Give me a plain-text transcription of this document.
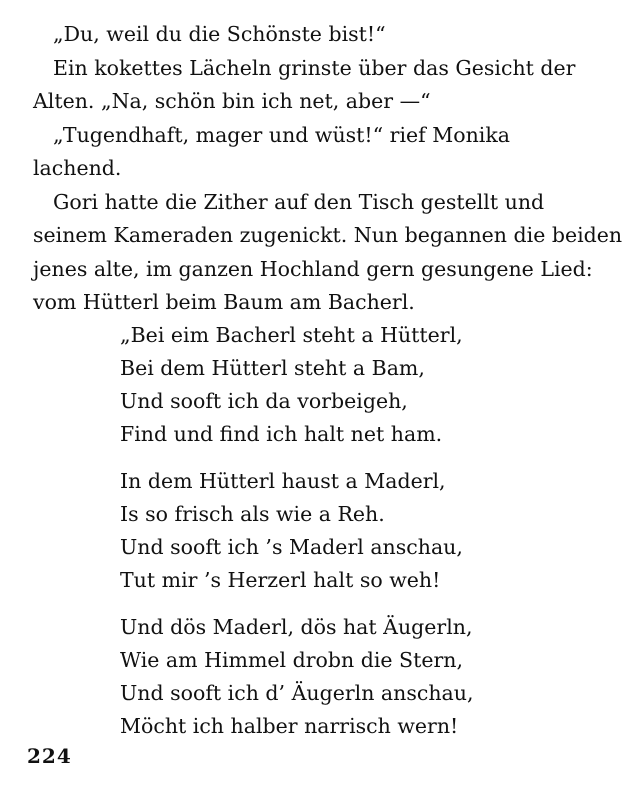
„Du, weil du die Schönste bist!“
Ein kokettes Lächeln grinste über das Gesicht der
Alten. „Na, schön bin ich net, aber —“
„Tugendhaft, mager und wüst!“ rief Monika
lachend.
Gori hatte die Zither auf den Tisch gestellt und
seinem Kameraden zugenickt. Nun begannen die beiden
jenes alte, im ganzen Hochland gern gesungene Lied:
vom Hütterl beim Baum am Bacherl.
„Bei eim Bacherl steht a Hütterl,
Bei dem Hütterl steht a Bam,
Und sooft ich da vorbeigeh,
Find und find ich halt net ham.
In dem Hütterl haust a Maderl,
Is so frisch als wie a Reh.
Und sooft ich ’s Maderl anschau,
Tut mir ’s Herzerl halt so weh!
Und dös Maderl, dös hat Äugerln,
Wie am Himmel drobn die Stern,
Und sooft ich d’ Äugerln anschau,
Möcht ich halber narrisch wern!
224
